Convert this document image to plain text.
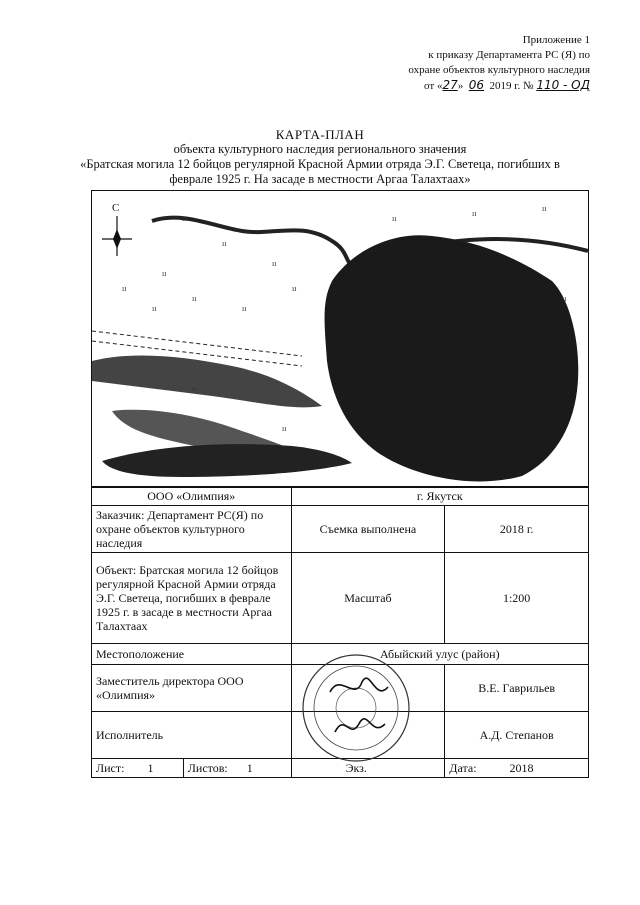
Приложение 1
к приказу Департамента РС (Я) по
охране объектов культурного наследия
от «27» 06 2019 г. № 110 - ОД
КАРТА-ПЛАН
объекта культурного наследия регионального значения
«Братская могила 12 бойцов регулярной Красной Армии отряда Э.Г. Светеца, погибших в
феврале 1925 г. На засаде в местности Аргаа Талахтаах»
С
ıı
ıı
ıı
ıı
ıı
ıı
ıı
ıı
ıı
ıı
ıı
ıı
ıı
ıı
ıı
ООО «Олимпия»		г. Якутск	
Заказчик: Департамент РС(Я) по охране объектов культурного наследия		Съемка выполнена	2018 г.
Объект: Братская могила 12 бойцов регулярной Красной Армии отряда Э.Г. Светеца, погибших в феврале 1925 г. в засаде в местности Аргаа Талахтаах		Масштаб	1:200
Местоположение		Абыйский улус (район)	
Заместитель директора ООО «Олимпия»			В.Е. Гаврильев
Исполнитель			А.Д. Степанов
Лист: 1	Листов: 1	Экз.	Дата: 2018
